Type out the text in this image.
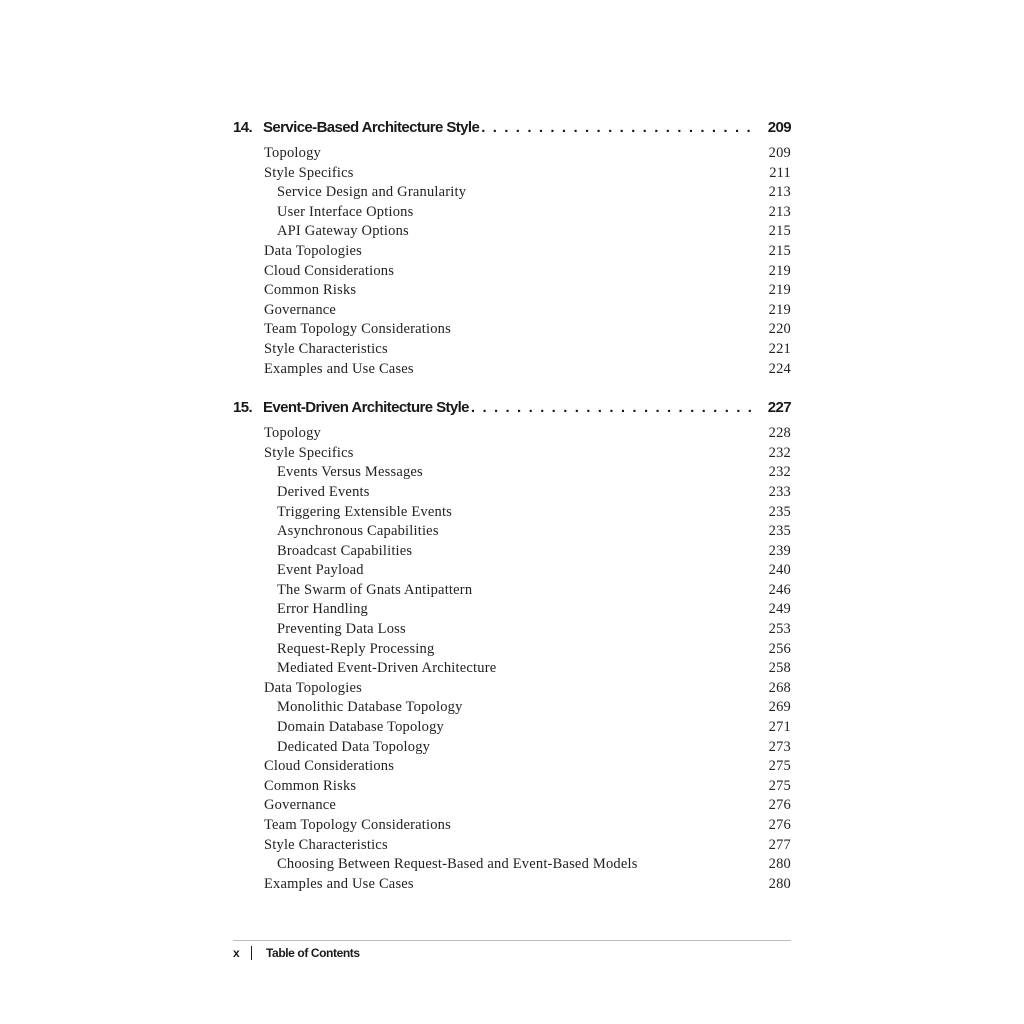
14. Service-Based Architecture Style . . .	209
Topology	209
Style Specifics	211
Service Design and Granularity	213
User Interface Options	213
API Gateway Options	215
Data Topologies	215
Cloud Considerations	219
Common Risks	219
Governance	219
Team Topology Considerations	220
Style Characteristics	221
Examples and Use Cases	224
15. Event-Driven Architecture Style . . .	227
Topology	228
Style Specifics	232
Events Versus Messages	232
Derived Events	233
Triggering Extensible Events	235
Asynchronous Capabilities	235
Broadcast Capabilities	239
Event Payload	240
The Swarm of Gnats Antipattern	246
Error Handling	249
Preventing Data Loss	253
Request-Reply Processing	256
Mediated Event-Driven Architecture	258
Data Topologies	268
Monolithic Database Topology	269
Domain Database Topology	271
Dedicated Data Topology	273
Cloud Considerations	275
Common Risks	275
Governance	276
Team Topology Considerations	276
Style Characteristics	277
Choosing Between Request-Based and Event-Based Models	280
Examples and Use Cases	280
x	Table of Contents
